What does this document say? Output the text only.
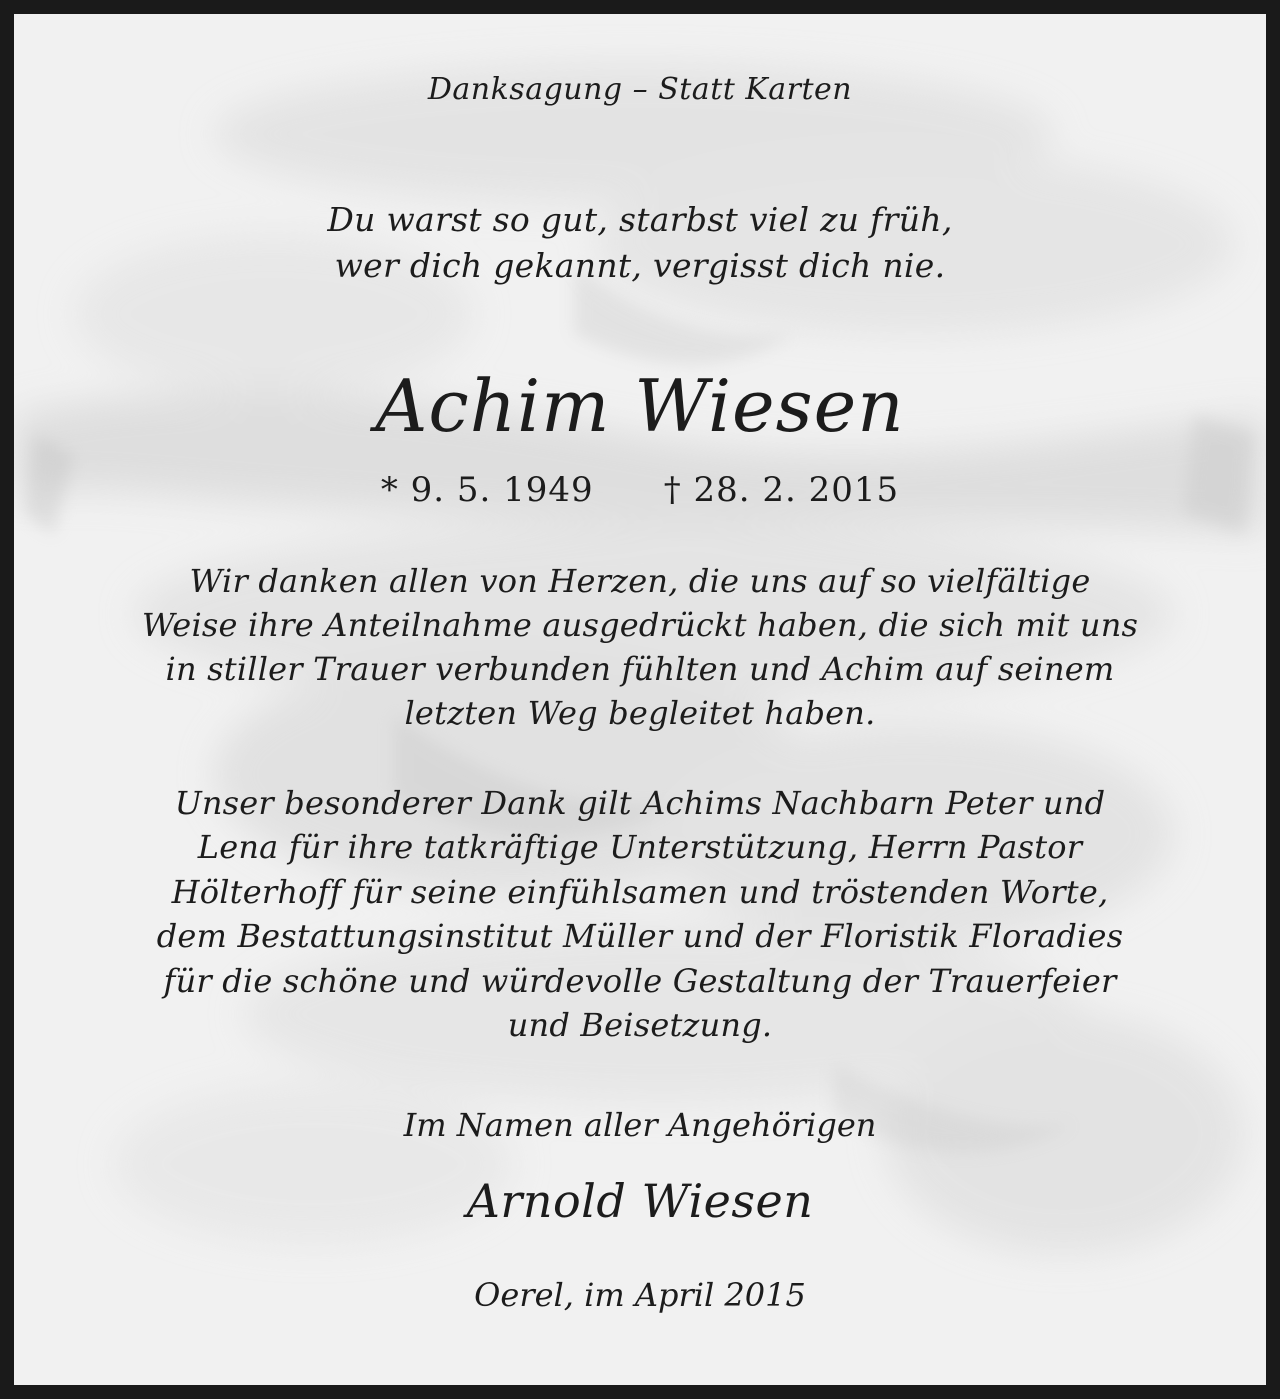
Danksagung – Statt Karten
Du warst so gut, starbst viel zu früh,
wer dich gekannt, vergisst dich nie.
Achim Wiesen
* 9. 5. 1949 † 28. 2. 2015
Wir danken allen von Herzen, die uns auf so vielfältige
Weise ihre Anteilnahme ausgedrückt haben, die sich mit uns
in stiller Trauer verbunden fühlten und Achim auf seinem
letzten Weg begleitet haben.
Unser besonderer Dank gilt Achims Nachbarn Peter und
Lena für ihre tatkräftige Unterstützung, Herrn Pastor
Hölterhoff für seine einfühlsamen und tröstenden Worte,
dem Bestattungsinstitut Müller und der Floristik Floradies
für die schöne und würdevolle Gestaltung der Trauerfeier
und Beisetzung.
Im Namen aller Angehörigen
Arnold Wiesen
Oerel, im April 2015
